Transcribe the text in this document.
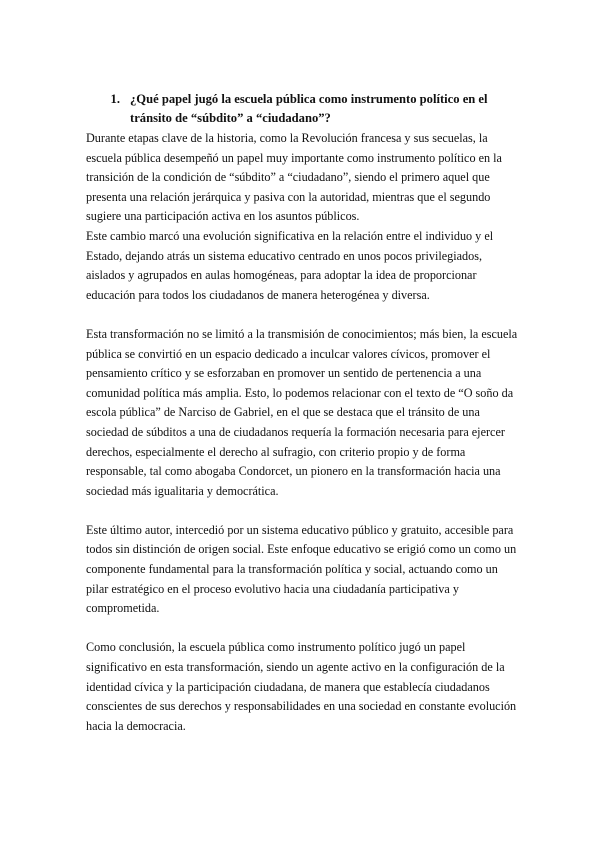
1. ¿Qué papel jugó la escuela pública como instrumento político en el tránsito de “súbdito” a “ciudadano”?

Durante etapas clave de la historia, como la Revolución francesa y sus secuelas, la escuela pública desempeñó un papel muy importante como instrumento político en la transición de la condición de “súbdito” a “ciudadano”, siendo el primero aquel que presenta una relación jerárquica y pasiva con la autoridad, mientras que el segundo sugiere una participación activa en los asuntos públicos.

Este cambio marcó una evolución significativa en la relación entre el individuo y el Estado, dejando atrás un sistema educativo centrado en unos pocos privilegiados, aislados y agrupados en aulas homogéneas, para adoptar la idea de proporcionar educación para todos los ciudadanos de manera heterogénea y diversa.

Esta transformación no se limitó a la transmisión de conocimientos; más bien, la escuela pública se convirtió en un espacio dedicado a inculcar valores cívicos, promover el pensamiento crítico y se esforzaban en promover un sentido de pertenencia a una comunidad política más amplia. Esto, lo podemos relacionar con el texto de “O soño da escola pública” de Narciso de Gabriel, en el que se destaca que el tránsito de una sociedad de súbditos a una de ciudadanos requería la formación necesaria para ejercer derechos, especialmente el derecho al sufragio, con criterio propio y de forma responsable, tal como abogaba Condorcet, un pionero en la transformación hacia una sociedad más igualitaria y democrática.

Este último autor, intercedió por un sistema educativo público y gratuito, accesible para todos sin distinción de origen social. Este enfoque educativo se erigió como un como un componente fundamental para la transformación política y social, actuando como un pilar estratégico en el proceso evolutivo hacia una ciudadanía participativa y comprometida.

Como conclusión, la escuela pública como instrumento político jugó un papel significativo en esta transformación, siendo un agente activo en la configuración de la identidad cívica y la participación ciudadana, de manera que establecía ciudadanos conscientes de sus derechos y responsabilidades en una sociedad en constante evolución hacia la democracia.
